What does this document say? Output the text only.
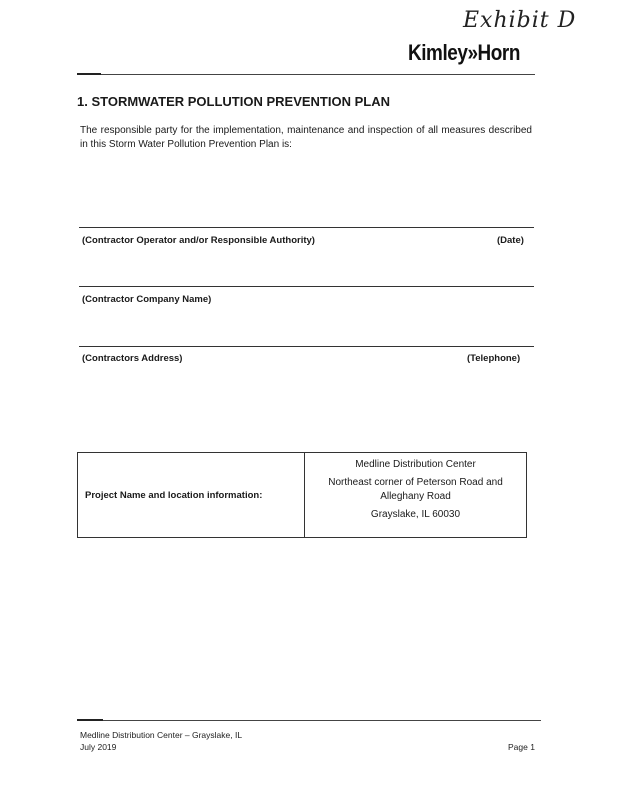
Exhibit D
Kimley»Horn
1. STORMWATER POLLUTION PREVENTION PLAN
The responsible party for the implementation, maintenance and inspection of all measures described in this Storm Water Pollution Prevention Plan is:
(Contractor Operator and/or Responsible Authority)	(Date)
(Contractor Company Name)
(Contractors Address)	(Telephone)
Project Name and location information:
Medline Distribution Center
Northeast corner of Peterson Road and Alleghany Road
Grayslake, IL 60030
Medline Distribution Center – Grayslake, IL
July 2019	Page 1
